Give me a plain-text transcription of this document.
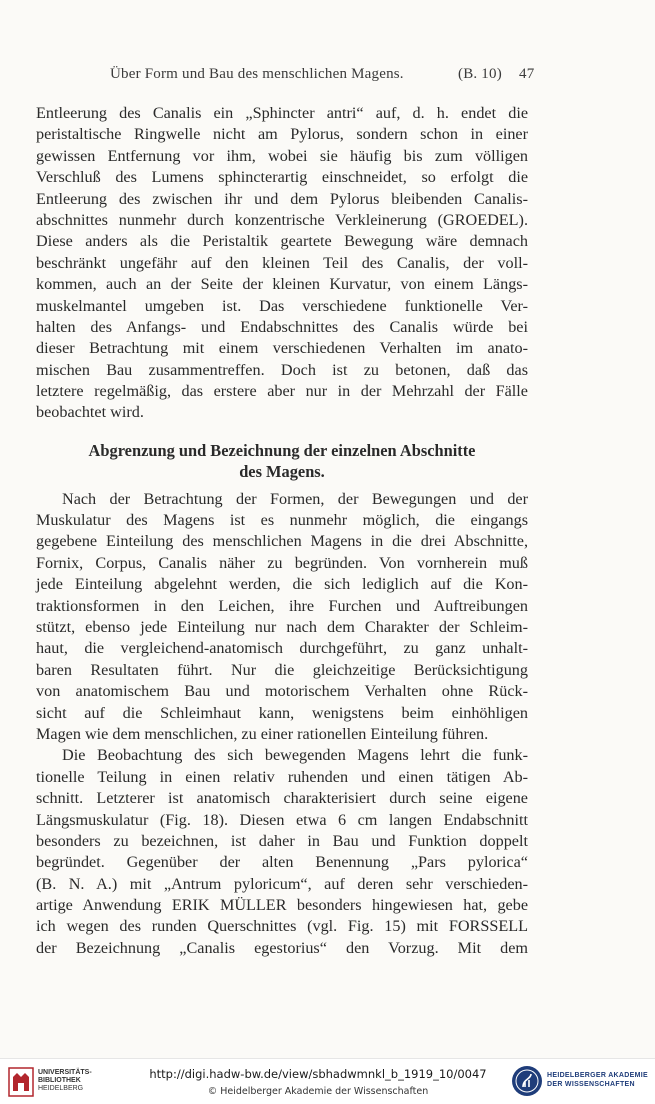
Über Form und Bau des menschlichen Magens.	(B. 10) 47
Entleerung des Canalis ein „Sphincter antri“ auf, d. h. endet die
peristaltische Ringwelle nicht am Pylorus, sondern schon in einer
gewissen Entfernung vor ihm, wobei sie häufig bis zum völligen
Verschluß des Lumens sphincterartig einschneidet, so erfolgt die
Entleerung des zwischen ihr und dem Pylorus bleibenden Canalis-
abschnittes nunmehr durch konzentrische Verkleinerung (GROEDEL).
Diese anders als die Peristaltik geartete Bewegung wäre demnach
beschränkt ungefähr auf den kleinen Teil des Canalis, der voll-
kommen, auch an der Seite der kleinen Kurvatur, von einem Längs-
muskelmantel umgeben ist. Das verschiedene funktionelle Ver-
halten des Anfangs- und Endabschnittes des Canalis würde bei
dieser Betrachtung mit einem verschiedenen Verhalten im anato-
mischen Bau zusammentreffen. Doch ist zu betonen, daß das
letztere regelmäßig, das erstere aber nur in der Mehrzahl der Fälle
beobachtet wird.
Abgrenzung und Bezeichnung der einzelnen Abschnitte
des Magens.
Nach der Betrachtung der Formen, der Bewegungen und der
Muskulatur des Magens ist es nunmehr möglich, die eingangs
gegebene Einteilung des menschlichen Magens in die drei Abschnitte,
Fornix, Corpus, Canalis näher zu begründen. Von vornherein muß
jede Einteilung abgelehnt werden, die sich lediglich auf die Kon-
traktionsformen in den Leichen, ihre Furchen und Auftreibungen
stützt, ebenso jede Einteilung nur nach dem Charakter der Schleim-
haut, die vergleichend-anatomisch durchgeführt, zu ganz unhalt-
baren Resultaten führt. Nur die gleichzeitige Berücksichtigung
von anatomischem Bau und motorischem Verhalten ohne Rück-
sicht auf die Schleimhaut kann, wenigstens beim einhöhligen
Magen wie dem menschlichen, zu einer rationellen Einteilung führen.
Die Beobachtung des sich bewegenden Magens lehrt die funk-
tionelle Teilung in einen relativ ruhenden und einen tätigen Ab-
schnitt. Letzterer ist anatomisch charakterisiert durch seine eigene
Längsmuskulatur (Fig. 18). Diesen etwa 6 cm langen Endabschnitt
besonders zu bezeichnen, ist daher in Bau und Funktion doppelt
begründet. Gegenüber der alten Benennung „Pars pylorica“
(B. N. A.) mit „Antrum pyloricum“, auf deren sehr verschieden-
artige Anwendung ERIK MÜLLER besonders hingewiesen hat, gebe
ich wegen des runden Querschnittes (vgl. Fig. 15) mit FORSSELL
der Bezeichnung „Canalis egestorius“ den Vorzug. Mit dem
UNIVERSITÄTS-
BIBLIOTHEK
HEIDELBERG
http://digi.hadw-bw.de/view/sbhadwmnkl_b_1919_10/0047
© Heidelberger Akademie der Wissenschaften
HEIDELBERGER AKADEMIE
DER WISSENSCHAFTEN
